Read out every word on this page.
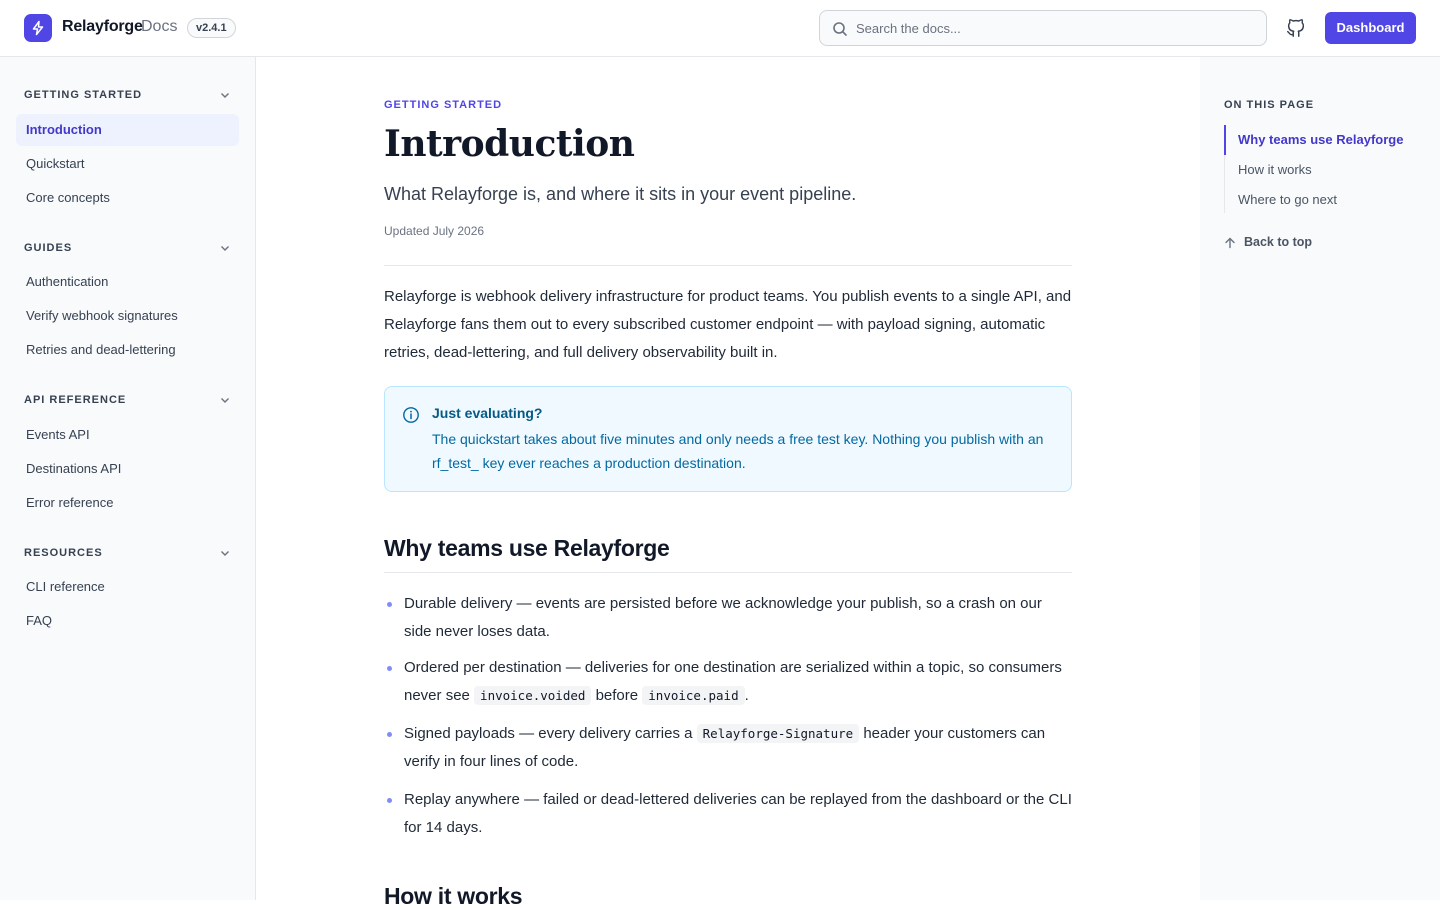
Relayforge
Docs	v2.4.1	Search the docs...	Dashboard
GETTING STARTED
Introduction
Quickstart
Core concepts
GUIDES
Authentication
Verify webhook signatures
Retries and dead-lettering
API REFERENCE
Events API
Destinations API
Error reference
RESOURCES
CLI reference
FAQ
GETTING STARTED
Introduction
What Relayforge is, and where it sits in your event pipeline.
Updated July 2026
Relayforge is webhook delivery infrastructure for product teams. You publish events to a single API, and Relayforge fans them out to every subscribed customer endpoint — with payload signing, automatic retries, dead-lettering, and full delivery observability built in.
Just evaluating?
The quickstart takes about five minutes and only needs a free test key. Nothing you publish with an rf_test_ key ever reaches a production destination.
Why teams use Relayforge
Durable delivery — events are persisted before we acknowledge your publish, so a crash on our side never loses data.
Ordered per destination — deliveries for one destination are serialized within a topic, so consumers never see invoice.voided before invoice.paid .
Signed payloads — every delivery carries a Relayforge-Signature header your customers can verify in four lines of code.
Replay anywhere — failed or dead-lettered deliveries can be replayed from the dashboard or the CLI for 14 days.
How it works
ON THIS PAGE
Why teams use Relayforge
How it works
Where to go next
Back to top
